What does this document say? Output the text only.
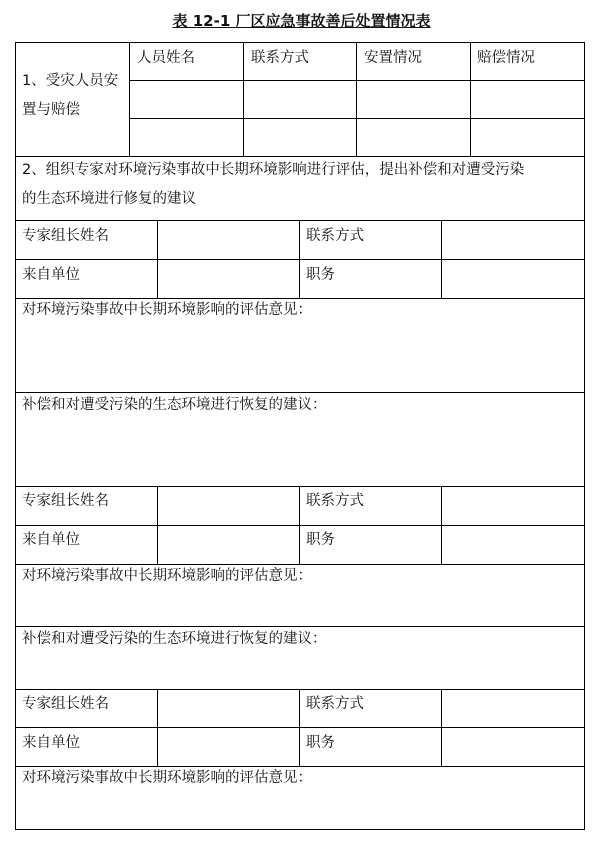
表 12-1 厂区应急事故善后处置情况表
1、受灾人员安
置与赔偿
人员姓名	联系方式	安置情况	赔偿情况
2、组织专家对环境污染事故中长期环境影响进行评估，提出补偿和对遭受污染
的生态环境进行修复的建议
专家组长姓名	联系方式
来自单位	职务
对环境污染事故中长期环境影响的评估意见：
补偿和对遭受污染的生态环境进行恢复的建议：
专家组长姓名	联系方式
来自单位	职务
对环境污染事故中长期环境影响的评估意见：
补偿和对遭受污染的生态环境进行恢复的建议：
专家组长姓名	联系方式
来自单位	职务
对环境污染事故中长期环境影响的评估意见：
